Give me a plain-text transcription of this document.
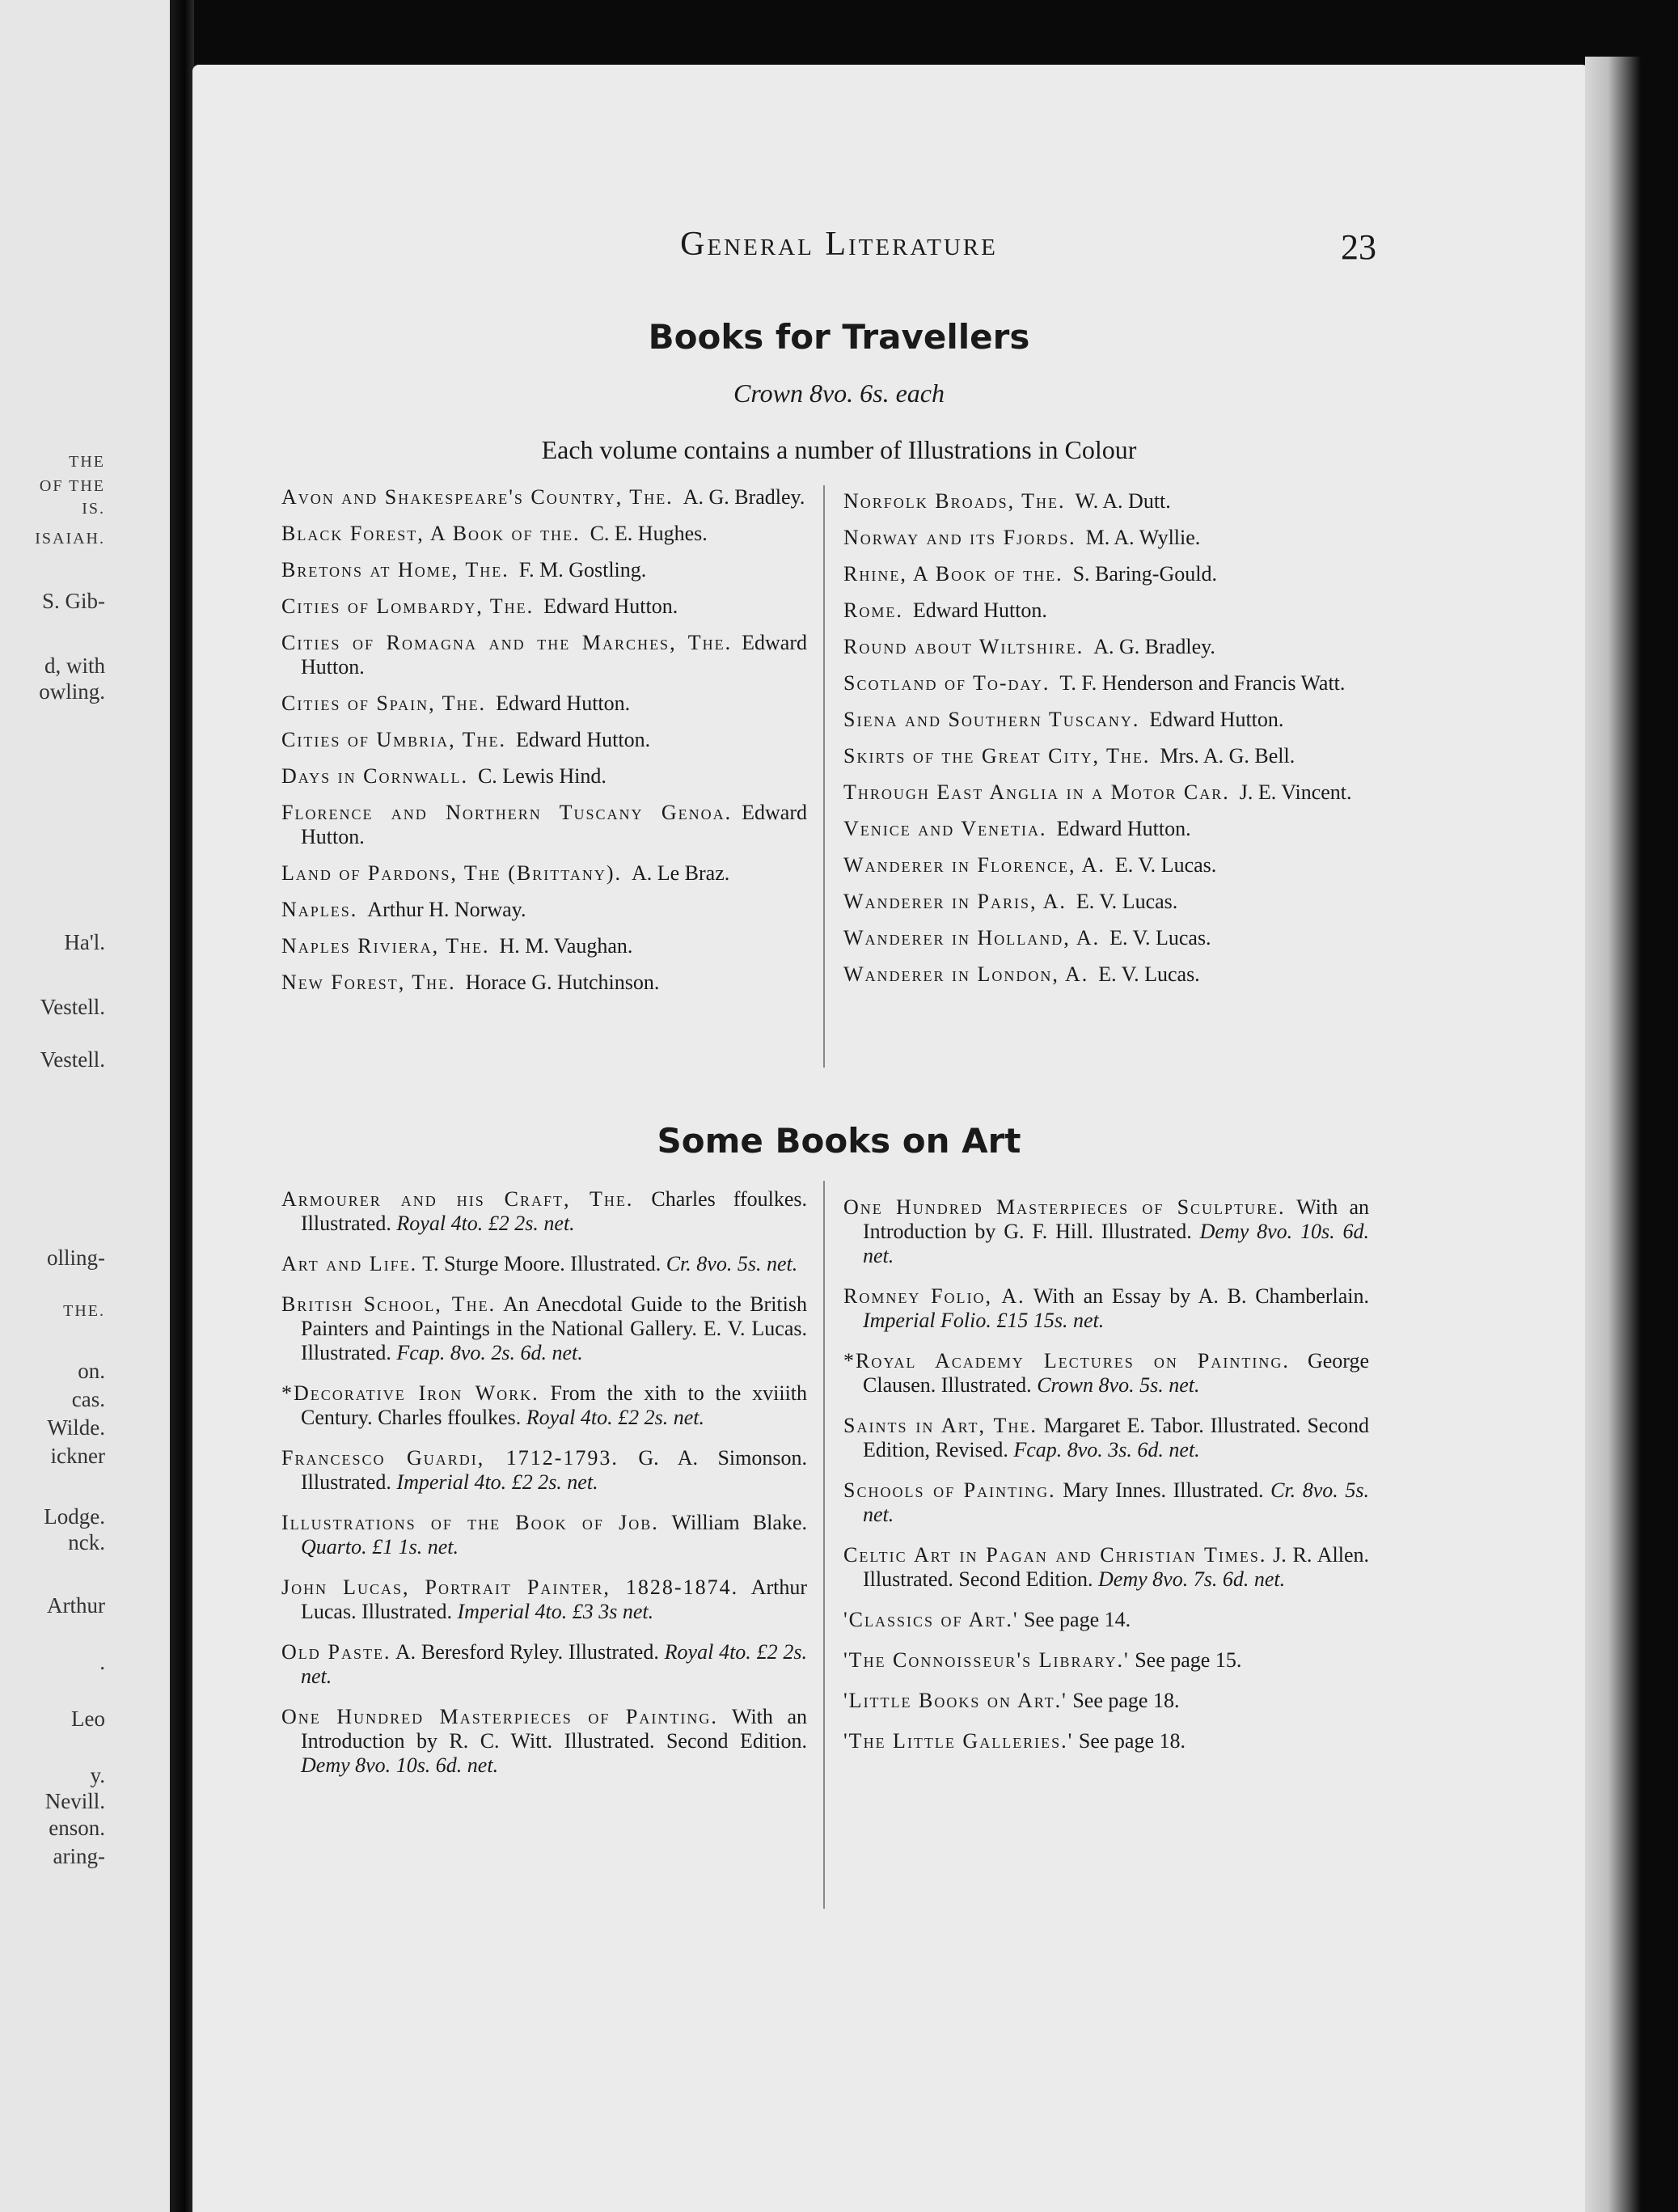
THE
OF THE
IS.
ISAIAH.
S. Gib-
d, with
owling.
Ha'l.
Vestell.
Vestell.
olling-
THE.
on.
cas.
Wilde.
ickner
Lodge.
nck.
Arthur
.
Leo
y.
Nevill.
enson.
aring-
General Literature	23
Books for Travellers
Crown 8vo. 6s. each
Each volume contains a number of Illustrations in Colour

Avon and Shakespeare's Country, The. A. G. Bradley.

Black Forest, A Book of the. C. E. Hughes.

Bretons at Home, The. F. M. Gostling.

Cities of Lombardy, The. Edward Hutton.

Cities of Romagna and the Marches, The. Edward Hutton.

Cities of Spain, The. Edward Hutton.

Cities of Umbria, The. Edward Hutton.

Days in Cornwall. C. Lewis Hind.

Florence and Northern Tuscany Genoa. Edward Hutton.

Land of Pardons, The (Brittany). A. Le Braz.

Naples. Arthur H. Norway.

Naples Riviera, The. H. M. Vaughan.

New Forest, The. Horace G. Hutchinson.

Norfolk Broads, The. W. A. Dutt.

Norway and its Fjords. M. A. Wyllie.

Rhine, A Book of the. S. Baring-Gould.

Rome. Edward Hutton.

Round about Wiltshire. A. G. Bradley.

Scotland of To-day. T. F. Henderson and Francis Watt.

Siena and Southern Tuscany. Edward Hutton.

Skirts of the Great City, The. Mrs. A. G. Bell.

Through East Anglia in a Motor Car. J. E. Vincent.

Venice and Venetia. Edward Hutton.

Wanderer in Florence, A. E. V. Lucas.

Wanderer in Paris, A. E. V. Lucas.

Wanderer in Holland, A. E. V. Lucas.

Wanderer in London, A. E. V. Lucas.

Some Books on Art

Armourer and his Craft, The. Charles ffoulkes. Illustrated. Royal 4to. £2 2s. net.

Art and Life. T. Sturge Moore. Illustrated. Cr. 8vo. 5s. net.

British School, The. An Anecdotal Guide to the British Painters and Paintings in the National Gallery. E. V. Lucas. Illustrated. Fcap. 8vo. 2s. 6d. net.

*Decorative Iron Work. From the xith to the xviiith Century. Charles ffoulkes. Royal 4to. £2 2s. net.

Francesco Guardi, 1712-1793. G. A. Simonson. Illustrated. Imperial 4to. £2 2s. net.

Illustrations of the Book of Job. William Blake. Quarto. £1 1s. net.

John Lucas, Portrait Painter, 1828-1874. Arthur Lucas. Illustrated. Imperial 4to. £3 3s net.

Old Paste. A. Beresford Ryley. Illustrated. Royal 4to. £2 2s. net.

One Hundred Masterpieces of Painting. With an Introduction by R. C. Witt. Illustrated. Second Edition. Demy 8vo. 10s. 6d. net.

One Hundred Masterpieces of Sculpture. With an Introduction by G. F. Hill. Illustrated. Demy 8vo. 10s. 6d. net.

Romney Folio, A. With an Essay by A. B. Chamberlain. Imperial Folio. £15 15s. net.

*Royal Academy Lectures on Painting. George Clausen. Illustrated. Crown 8vo. 5s. net.

Saints in Art, The. Margaret E. Tabor. Illustrated. Second Edition, Revised. Fcap. 8vo. 3s. 6d. net.

Schools of Painting. Mary Innes. Illustrated. Cr. 8vo. 5s. net.

Celtic Art in Pagan and Christian Times. J. R. Allen. Illustrated. Second Edition. Demy 8vo. 7s. 6d. net.

'Classics of Art.' See page 14.

'The Connoisseur's Library.' See page 15.

'Little Books on Art.' See page 18.

'The Little Galleries.' See page 18.
